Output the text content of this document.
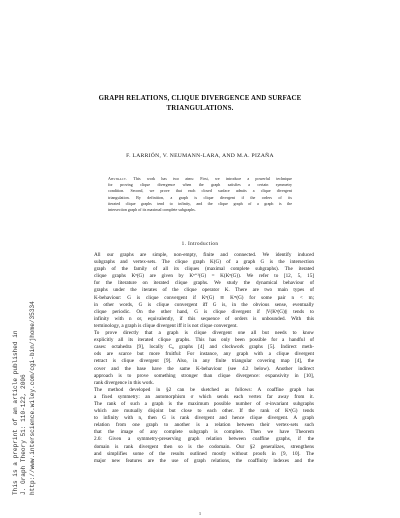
GRAPH RELATIONS, CLIQUE DIVERGENCE AND SURFACE
TRIANGULATIONS.
F. LARRIÓN, V. NEUMANN-LARA, AND M.A. PIZAÑA
Abstract. This work has two aims: First, we introduce a powerful technique
for proving clique divergence when the graph satisfies a certain symmetry
condition. Second, we prove that each closed surface admits a clique divergent
triangulation. By definition, a graph is clique divergent if the orders of its
iterated clique graphs tend to infinity, and the clique graph of a graph is the
intersection graph of its maximal complete subgraphs.
1. Introduction

All our graphs are simple, non-empty, finite and connected. We identify induced
subgraphs and vertex-sets. The clique graph K(G) of a graph G is the intersection
graph of the family of all its cliques (maximal complete subgraphs). The iterated
clique graphs Kⁿ(G) are given by Kⁿ⁺¹(G) = K(Kⁿ(G)). We refer to [12, 5, 15]
for the literature on iterated clique graphs. We study the dynamical behaviour of
graphs under the iterates of the clique operator K. There are two main types of
K-behaviour: G is clique convergent if Kⁿ(G) ≅ Kᵐ(G) for some pair n < m;
in other words, G is clique convergent iff G is, in the obvious sense, eventually
clique periodic. On the other hand, G is clique divergent if |V(Kⁿ(G))| tends to
infinity with n or, equivalently, if this sequence of orders is unbounded. With this
terminology, a graph is clique divergent iff it is not clique convergent.

To prove directly that a graph is clique divergent one all but needs to know
explicitly all its iterated clique graphs. This has only been possible for a handful of
cases: octahedra [9], locally C₆ graphs [4] and clockwork graphs [5]. Indirect meth-
ods are scarce but more fruitful: For instance, any graph with a clique divergent
retract is clique divergent [9]. Also, in any finite triangular covering map [4], the
cover and the base have the same K-behaviour (see 4.2 below). Another indirect
approach is to prove something stronger than clique divergence: expansivity in [10],
rank divergence in this work.

The method developed in §2 can be sketched as follows: A coaffine graph has
a fixed symmetry: an automorphism σ which sends each vertex far away from it.
The rank of such a graph is the maximum possible number of σ-invariant subgraphs
which are mutually disjoint but close to each other. If the rank of Kⁿ(G) tends
to infinity with n, then G is rank divergent and hence clique divergent. A graph
relation from one graph to another is a relation between their vertex-sets such
that the image of any complete subgraph is complete. Then we have Theorem
2.6: Given a symmetry-preserving graph relation between coaffine graphs, if the
domain is rank divergent then so is the codomain. Our §2 generalizes, strengthens
and simplifies some of the results outlined mostly without proofs in [9, 10]. The
major new features are the use of graph relations, the coaffinity indexes and the

This is a preprint of an article published in J. Graph Theory 51: 110-122, 2006 http://www.interscience.wiley.com/cgi-bin/jhome/35334
1
